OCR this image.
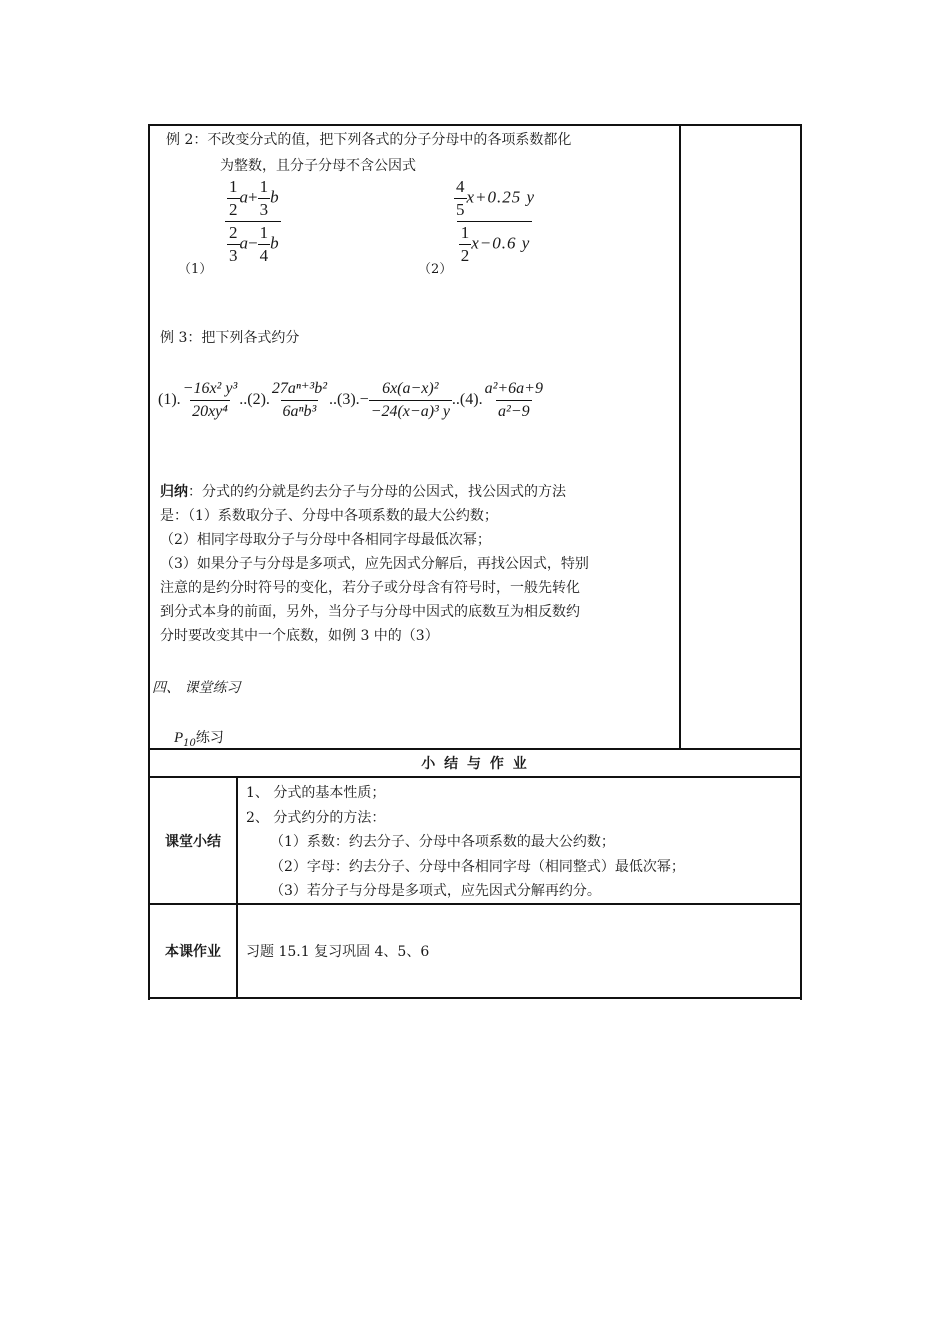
例 2：不改变分式的值，把下列各式的分子分母中的各项系数都化
为整数，且分子分母不含公因式
（1）
$\frac{\frac{1}{2} a+ \frac{1}{3} b}{\frac{2}{3} a- \frac{1}{4} b}$
（2）
$\frac{\frac{4}{5} x+0.25 y}{\frac{1}{2} x-0.6 y}$
例 3：把下列各式约分
(1). $\frac{\text{−16x² y³}}{\text{20xy⁴}} ..(2)$. $\frac{\text{27aⁿ⁺³b²}}{\text{6aⁿb³}} ..(3).- \frac{\text{6x(a−x)²}}{\text{−24(x−a)³ y}} ..(4)$. $\frac{\text{a²+6a+9}}{\text{a²−9}}$
归纳：分式的约分就是约去分子与分母的公因式，找公因式的方法
是：（1）系数取分子、分母中各项系数的最大公约数；
（2）相同字母取分子与分母中各相同字母最低次幂；
（3）如果分子与分母是多项式，应先因式分解后，再找公因式，特别
注意的是约分时符号的变化，若分子或分母含有符号时，一般先转化
到分式本身的前面，另外，当分子与分母中因式的底数互为相反数约
分时要改变其中一个底数，如例 3 中的（3）
四、 课堂练习
$P_{10}$练习
小 结 与 作 业
课堂小结
1、 分式的基本性质；
2、 分式约分的方法：
（1）系数：约去分子、分母中各项系数的最大公约数；
（2）字母：约去分子、分母中各相同字母（相同整式）最低次幂；
（3）若分子与分母是多项式，应先因式分解再约分。
本课作业	习题 15.1 复习巩固 4、5、6
